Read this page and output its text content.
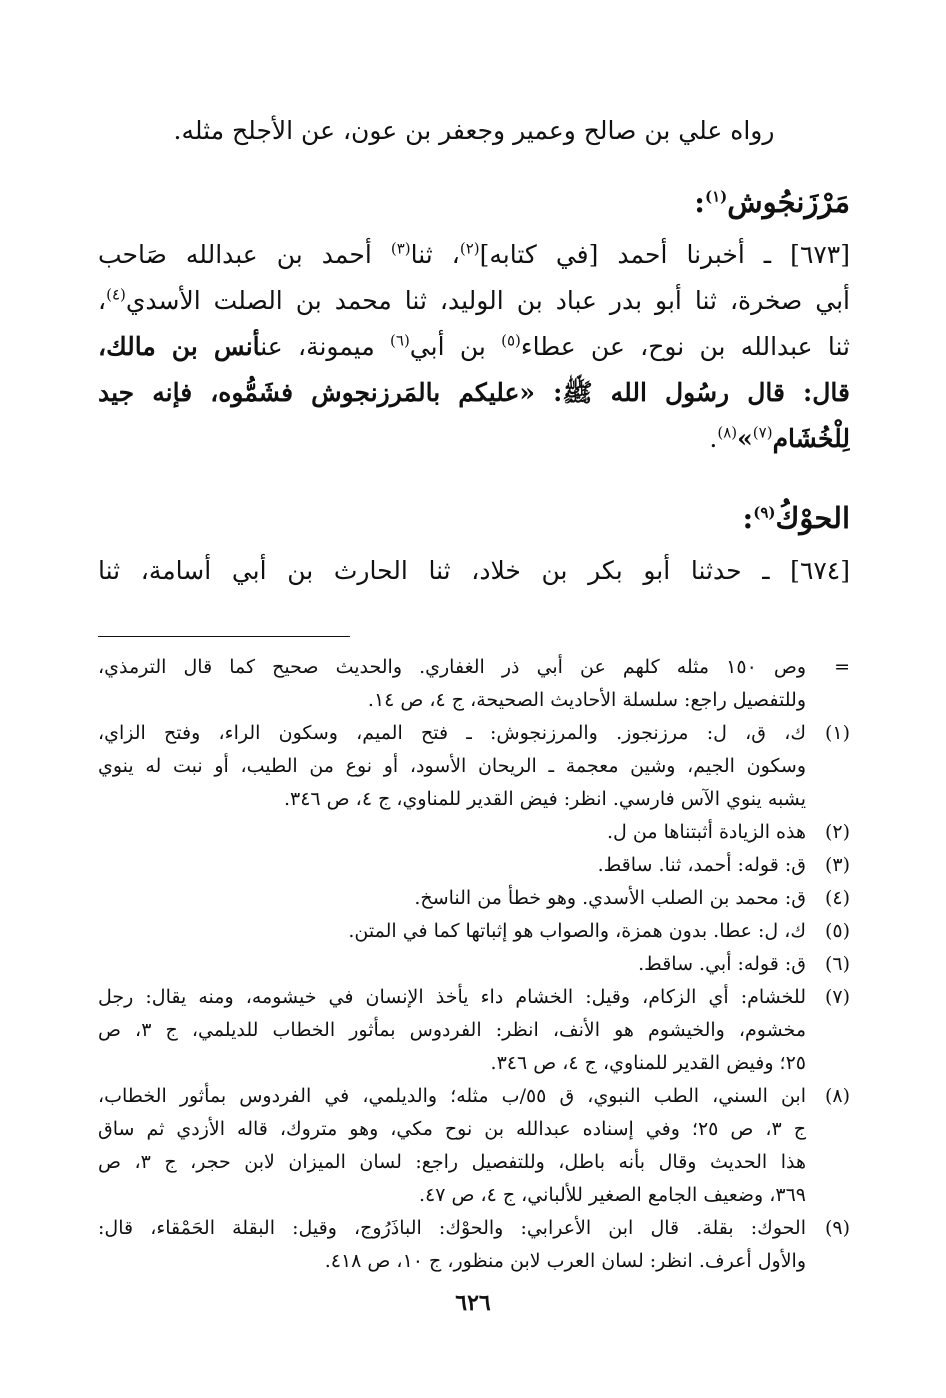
رواه علي بن صالح وعمير وجعفر بن عون، عن الأجلح مثله.
مَرْزَنجُوش$^{(١)}$:
[٦٧٣] ـ أخبرنا أحمد [في كتابه]$^{(٢)}$، ثنا$^{(٣)}$ أحمد بن عبدالله صَاحب
أبي صخرة، ثنا أبو بدر عباد بن الوليد، ثنا محمد بن الصلت الأسدي$^{(٤)}$،
ثنا عبدالله بن نوح، عن عطاء$^{(٥)}$ بن أبي$^{(٦)}$ ميمونة، عنأنس بن مالك،
قال: قال رسُول الله ﷺ: «عليكم بالمَرزنجوش فشَمُّوه، فإنه جيد
لِلْخُشَام$^{(٧)}$»$^{(٨)}$.
الحوْكُ$^{(٩)}$:
[٦٧٤] ـ حدثنا أبو بكر بن خلاد، ثنا الحارث بن أبي أسامة، ثنا
=
وص ١٥٠ مثله كلهم عن أبي ذر الغفاري. والحديث صحيح كما قال الترمذي،
وللتفصيل راجع: سلسلة الأحاديث الصحيحة، ج ٤، ص ١٤.
(١)
ك، ق، ل: مرزنجوز. والمرزنجوش: ـ فتح الميم، وسكون الراء، وفتح الزاي،
وسكون الجيم، وشين معجمة ـ الريحان الأسود، أو نوع من الطيب، أو نبت له ينوي
يشبه ينوي الآس فارسي. انظر: فيض القدير للمناوي، ج ٤، ص ٣٤٦.
(٢)
هذه الزيادة أثبتناها من ل.
(٣)
ق: قوله: أحمد، ثنا. ساقط.
(٤)
ق: محمد بن الصلب الأسدي. وهو خطأ من الناسخ.
(٥)
ك، ل: عطا. بدون همزة، والصواب هو إثباتها كما في المتن.
(٦)
ق: قوله: أبي. ساقط.
(٧)
للخشام: أي الزكام، وقيل: الخشام داء يأخذ الإنسان في خيشومه، ومنه يقال: رجل
مخشوم، والخيشوم هو الأنف، انظر: الفردوس بمأثور الخطاب للديلمي، ج ٣، ص
٢٥؛ وفيض القدير للمناوي، ج ٤، ص ٣٤٦.
(٨)
ابن السني، الطب النبوي، ق ٥٥/ب مثله؛ والديلمي، في الفردوس بمأثور الخطاب،
ج ٣، ص ٢٥؛ وفي إسناده عبدالله بن نوح مكي، وهو متروك، قاله الأزدي ثم ساق
هذا الحديث وقال بأنه باطل، وللتفصيل راجع: لسان الميزان لابن حجر، ج ٣، ص
٣٦٩، وضعيف الجامع الصغير للألباني، ج ٤، ص ٤٧.
(٩)
الحوك: بقلة. قال ابن الأعرابي: والحوْك: الباذَرُوج، وقيل: البقلة الحَمْقاء، قال:
والأول أعرف. انظر: لسان العرب لابن منظور، ج ١٠، ص ٤١٨.
٦٢٦
